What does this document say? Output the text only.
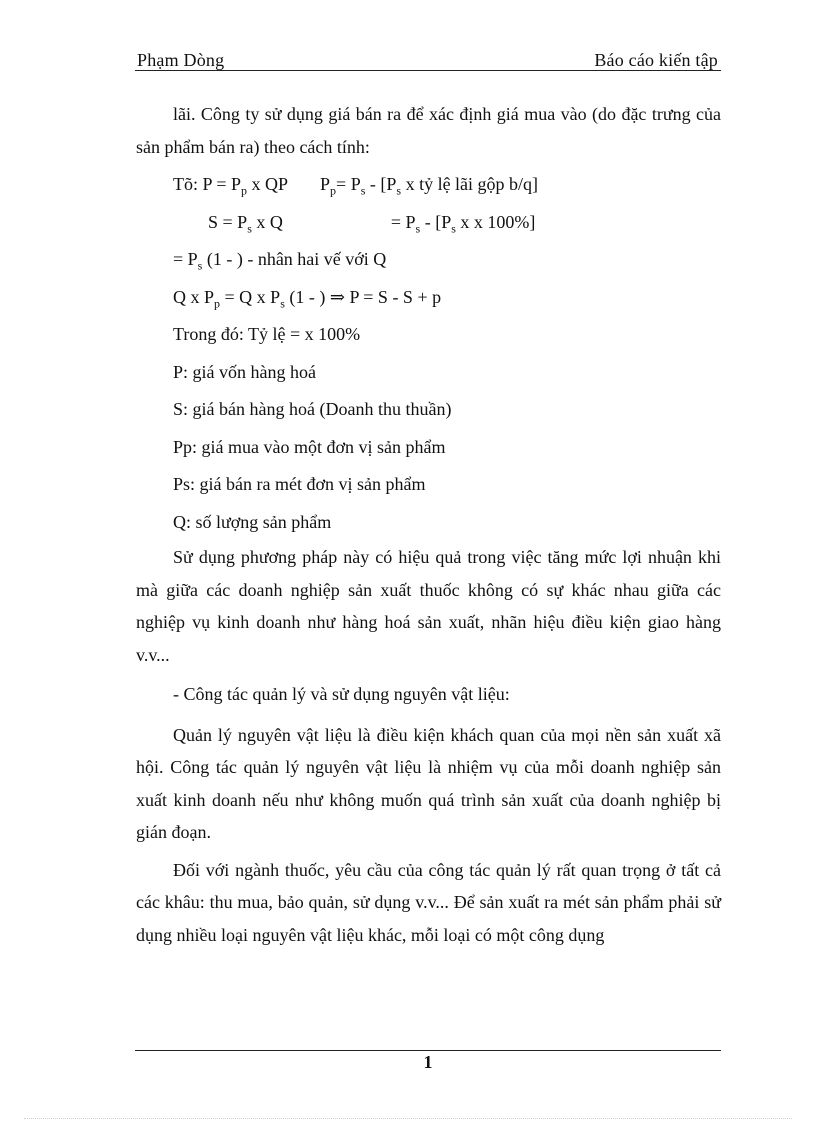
Phạm Dòng	Báo cáo kiến tập

lãi. Công ty sử dụng giá bán ra để xác định giá mua vào (do đặc trưng của sản phẩm bán ra) theo cách tính:

Tõ: $P = P_p$ x QP $P_p= P_s - [P_s$ x tỷ lệ lãi gộp b/q]
$S = P_s$ x Q	= $P_s - [P_s$ x x 100%]
= $P_s$ (1 - ) - nhân hai vế với Q
Q x $P_p = Q$ x $P_s$ (1 - ) ⇒ P = S - S + p
Trong đó: Tỷ lệ = x 100%
P: giá vốn hàng hoá
S: giá bán hàng hoá (Doanh thu thuần)
Pp: giá mua vào một đơn vị sản phẩm
Ps: giá bán ra mét đơn vị sản phẩm
Q: số lượng sản phẩm

Sử dụng phương pháp này có hiệu quả trong việc tăng mức lợi nhuận khi mà giữa các doanh nghiệp sản xuất thuốc không có sự khác nhau giữa các nghiệp vụ kinh doanh như hàng hoá sản xuất, nhãn hiệu điều kiện giao hàng v.v...

- Công tác quản lý và sử dụng nguyên vật liệu:

Quản lý nguyên vật liệu là điều kiện khách quan của mọi nền sản xuất xã hội. Công tác quản lý nguyên vật liệu là nhiệm vụ của mỗi doanh nghiệp sản xuất kinh doanh nếu như không muốn quá trình sản xuất của doanh nghiệp bị gián đoạn.

Đối với ngành thuốc, yêu cầu của công tác quản lý rất quan trọng ở tất cả các khâu: thu mua, bảo quản, sử dụng v.v... Để sản xuất ra mét sản phẩm phải sử dụng nhiều loại nguyên vật liệu khác, mỗi loại có một công dụng

1
